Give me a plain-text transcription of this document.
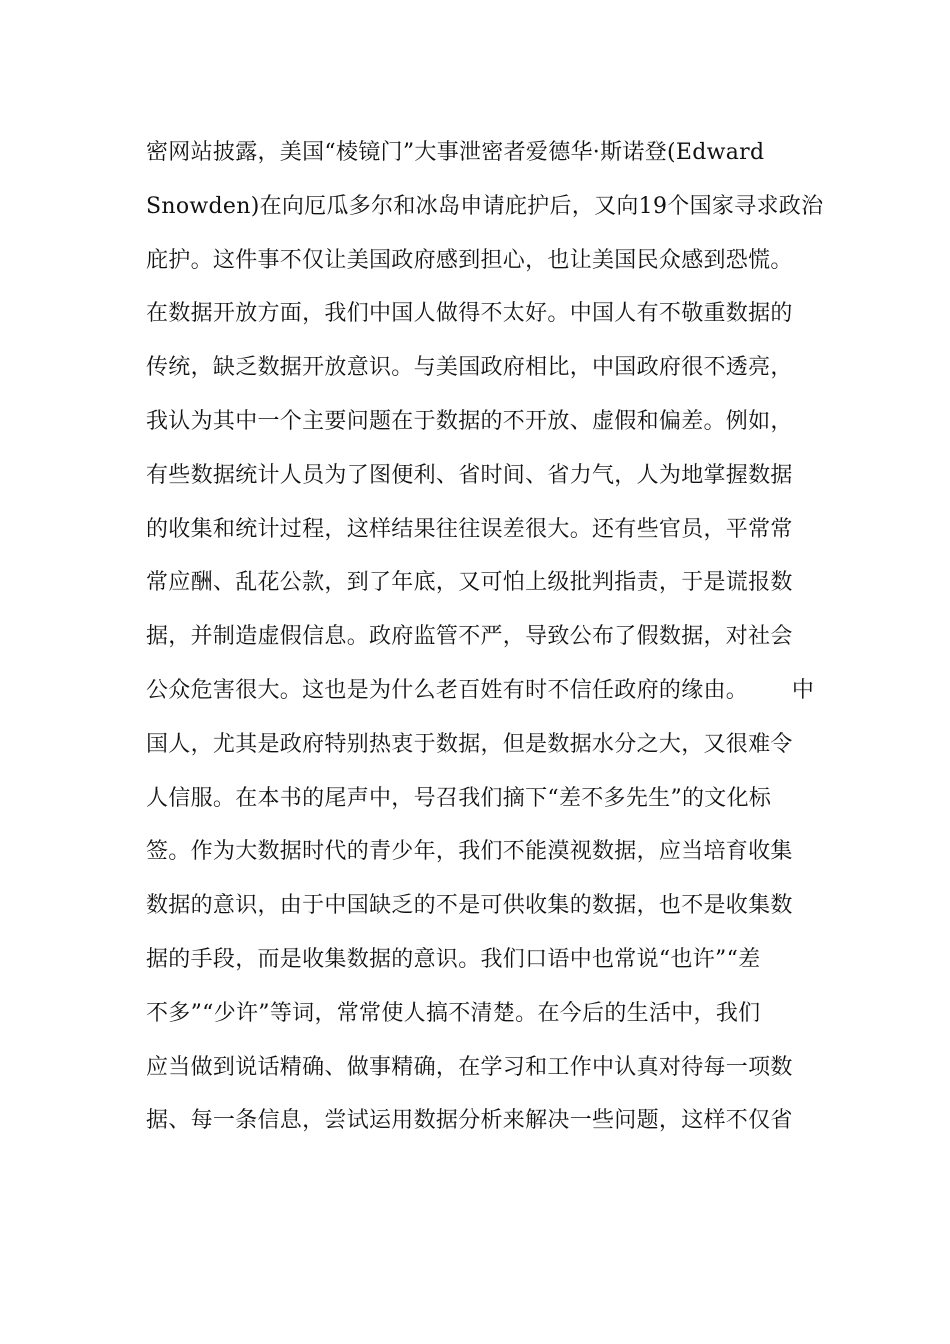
密网站披露，美国“棱镜门”大事泄密者爱德华·斯诺登(Edward
Snowden)在向厄瓜多尔和冰岛申请庇护后，又向19个国家寻求政治
庇护。这件事不仅让美国政府感到担心，也让美国民众感到恐慌。
在数据开放方面，我们中国人做得不太好。中国人有不敬重数据的
传统，缺乏数据开放意识。与美国政府相比，中国政府很不透亮，
我认为其中一个主要问题在于数据的不开放、虚假和偏差。例如，
有些数据统计人员为了图便利、省时间、省力气，人为地掌握数据
的收集和统计过程，这样结果往往误差很大。还有些官员，平常常
常应酬、乱花公款，到了年底，又可怕上级批判指责，于是谎报数
据，并制造虚假信息。政府监管不严，导致公布了假数据，对社会
公众危害很大。这也是为什么老百姓有时不信任政府的缘由。      中
国人，尤其是政府特别热衷于数据，但是数据水分之大，又很难令
人信服。在本书的尾声中，号召我们摘下“差不多先生”的文化标
签。作为大数据时代的青少年，我们不能漠视数据，应当培育收集
数据的意识，由于中国缺乏的不是可供收集的数据，也不是收集数
据的手段，而是收集数据的意识。我们口语中也常说“也许”“差
不多”“少许”等词，常常使人搞不清楚。在今后的生活中，我们
应当做到说话精确、做事精确，在学习和工作中认真对待每一项数
据、每一条信息，尝试运用数据分析来解决一些问题，这样不仅省
